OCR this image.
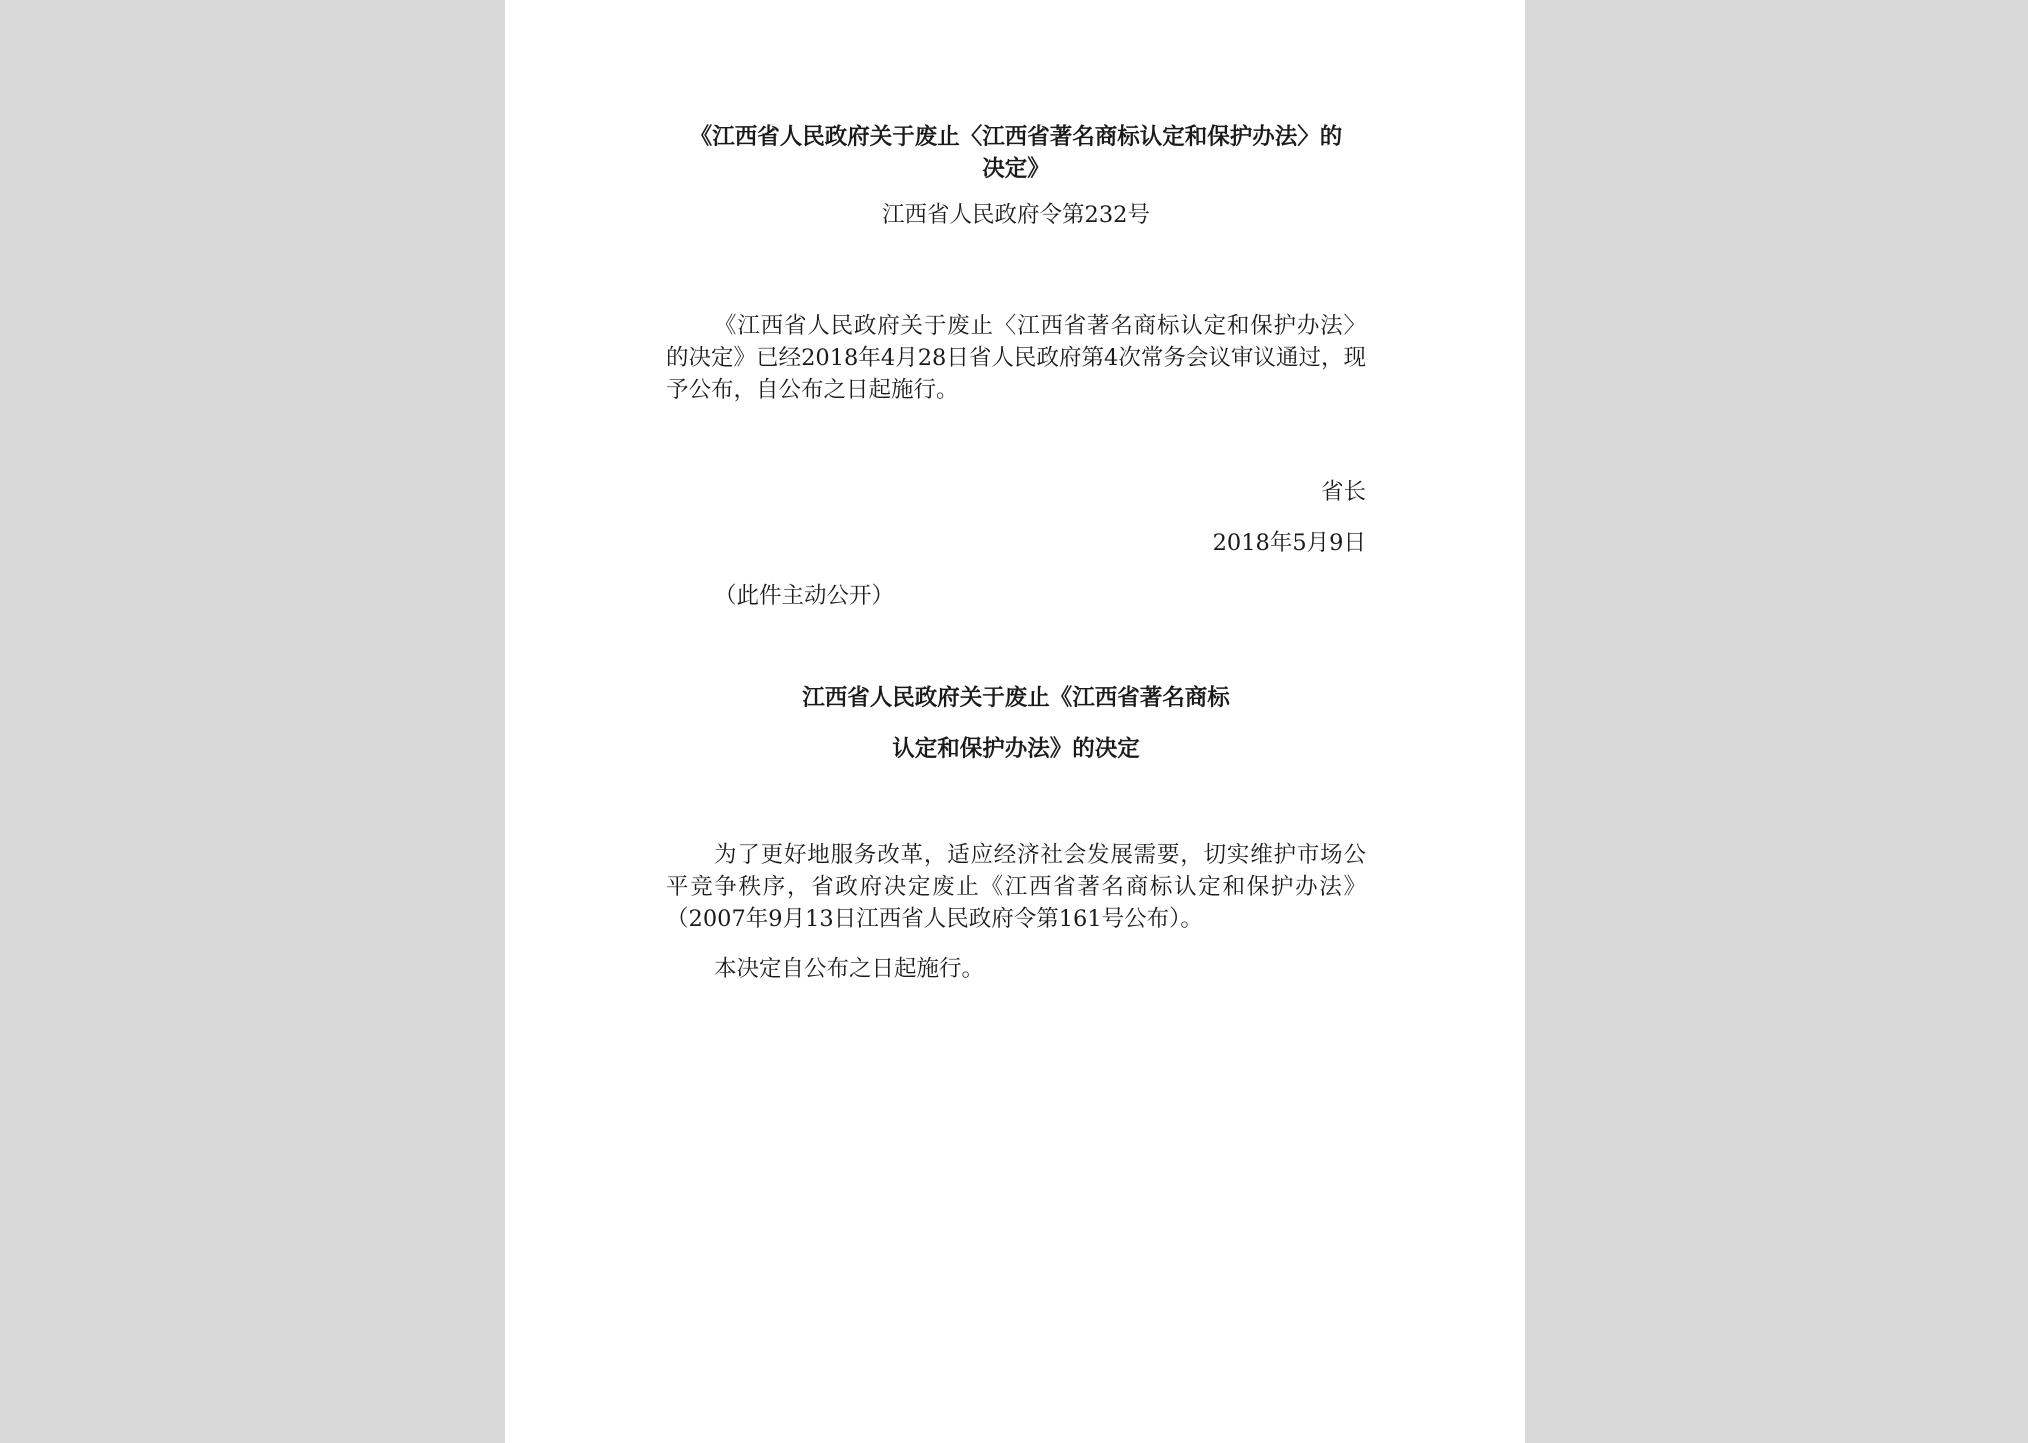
《江西省人民政府关于废止〈江西省著名商标认定和保护办法〉的
决定》
江西省人民政府令第232号
《江西省人民政府关于废止〈江西省著名商标认定和保护办法〉的决定》已经2018年4月28日省人民政府第4次常务会议审议通过，现予公布，自公布之日起施行。
省长
2018年5月9日
（此件主动公开）
江西省人民政府关于废止《江西省著名商标
认定和保护办法》的决定
为了更好地服务改革，适应经济社会发展需要，切实维护市场公平竞争秩序，省政府决定废止《江西省著名商标认定和保护办法》（2007年9月13日江西省人民政府令第161号公布）。
本决定自公布之日起施行。
